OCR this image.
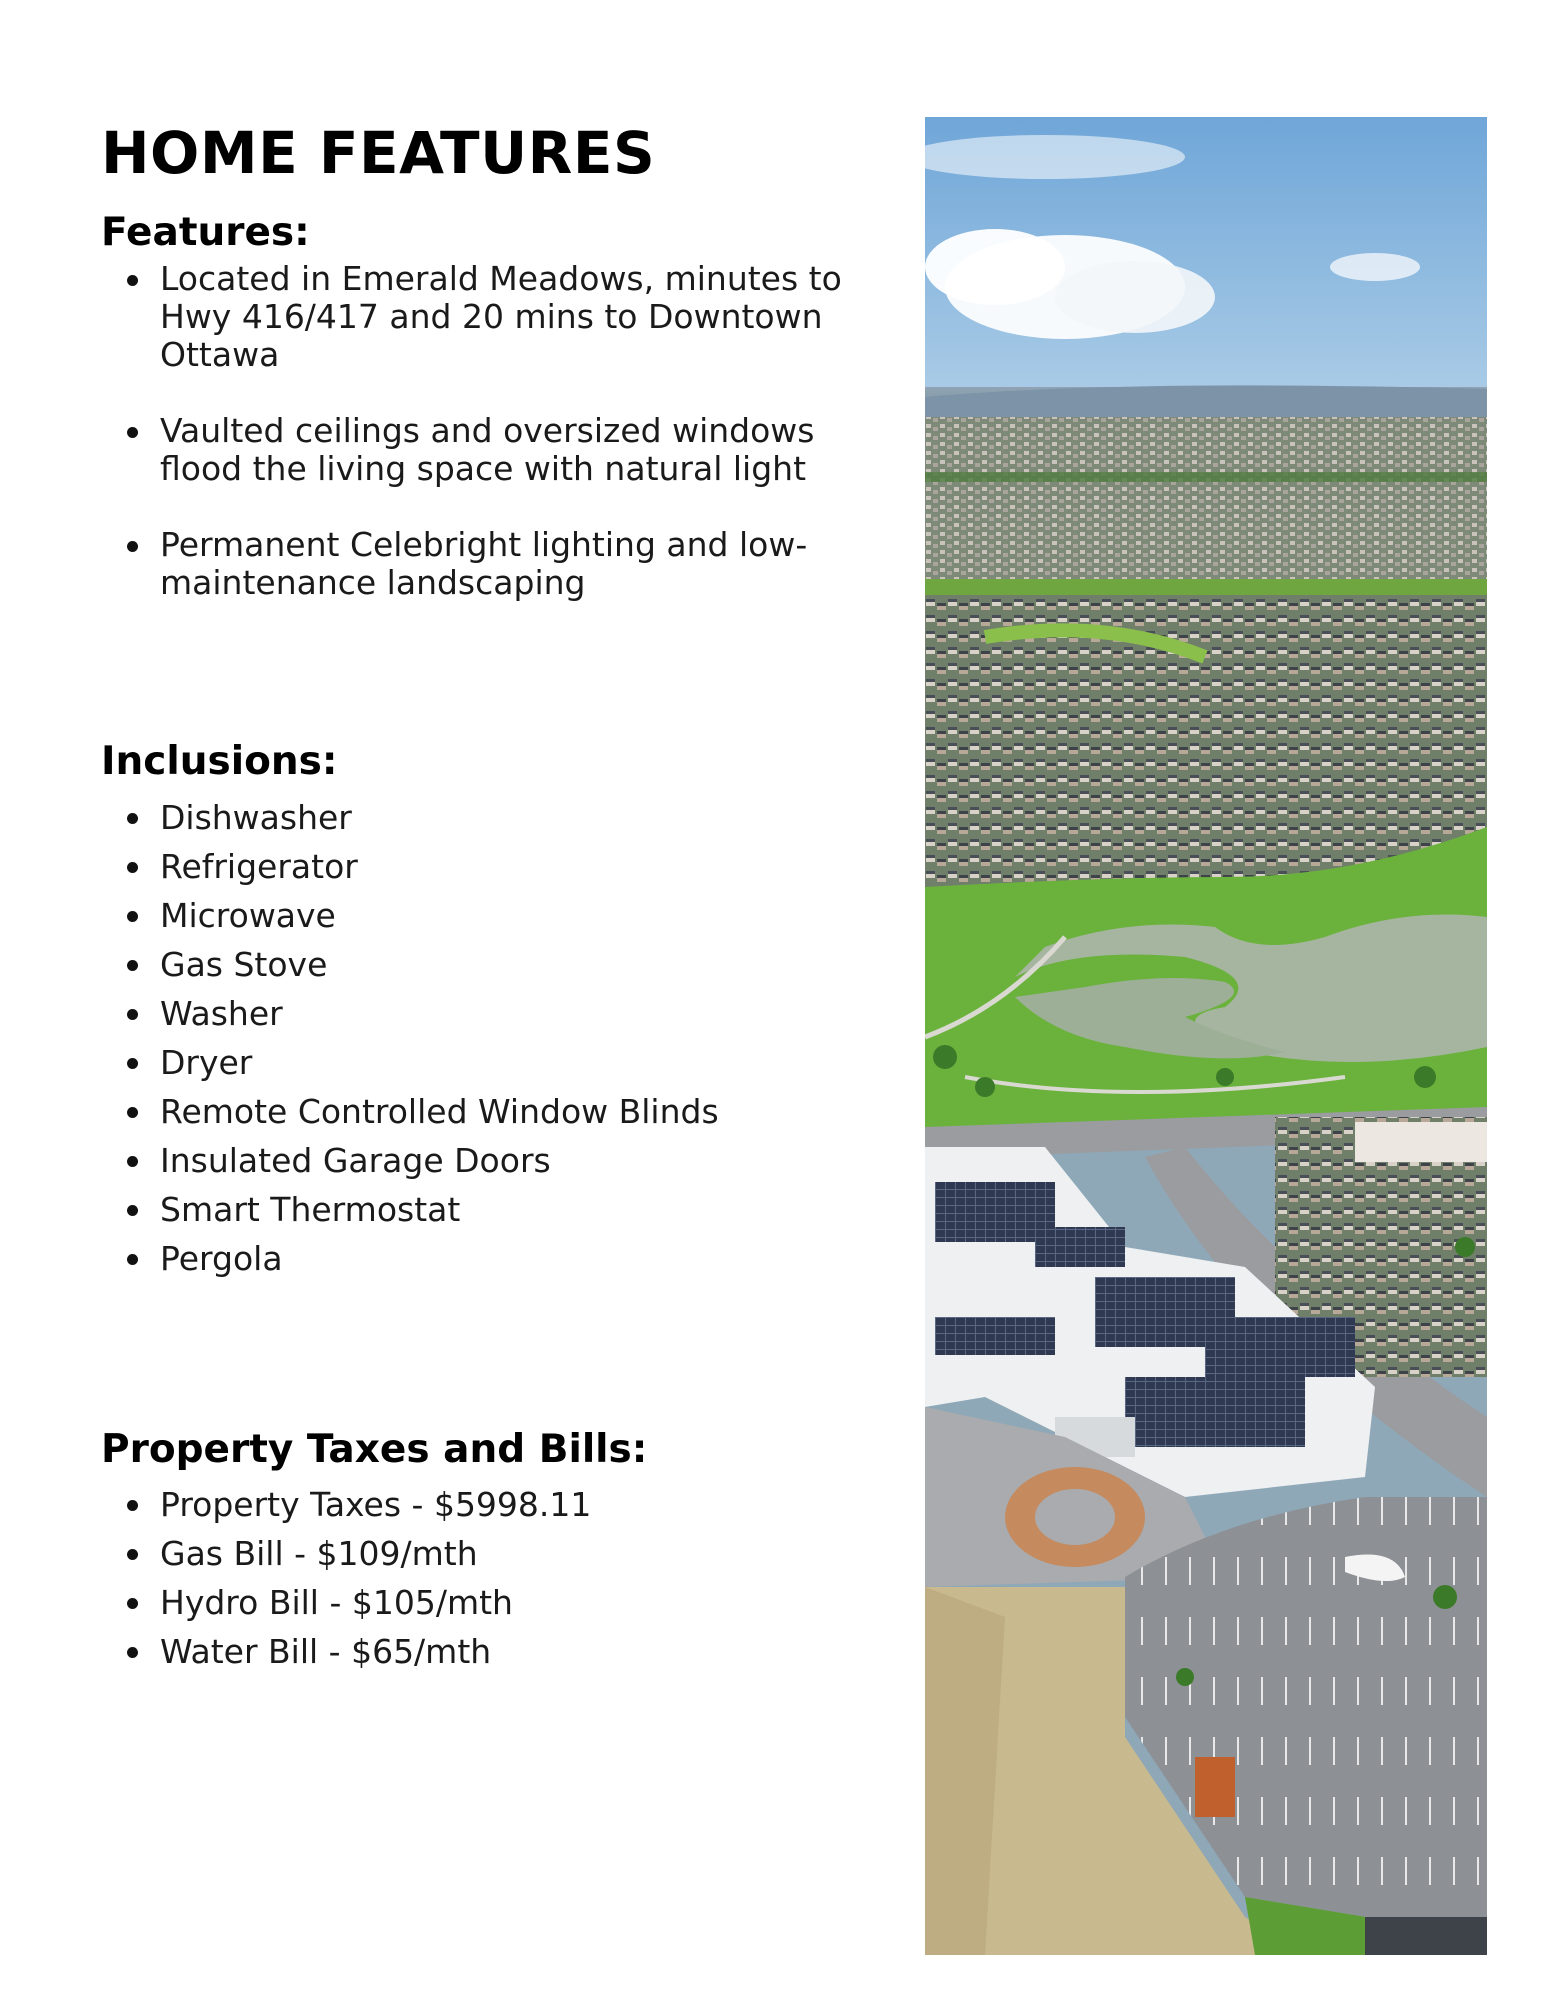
HOME FEATURES
Features:
Located in Emerald Meadows, minutes to Hwy 416/417 and 20 mins to Downtown Ottawa
Vaulted ceilings and oversized windows flood the living space with natural light
Permanent Celebright lighting and low-maintenance landscaping
Inclusions:
Dishwasher
Refrigerator
Microwave
Gas Stove
Washer
Dryer
Remote Controlled Window Blinds
Insulated Garage Doors
Smart Thermostat
Pergola
Property Taxes and Bills:
Property Taxes - $5998.11
Gas Bill - $109/mth
Hydro Bill - $105/mth
Water Bill - $65/mth
